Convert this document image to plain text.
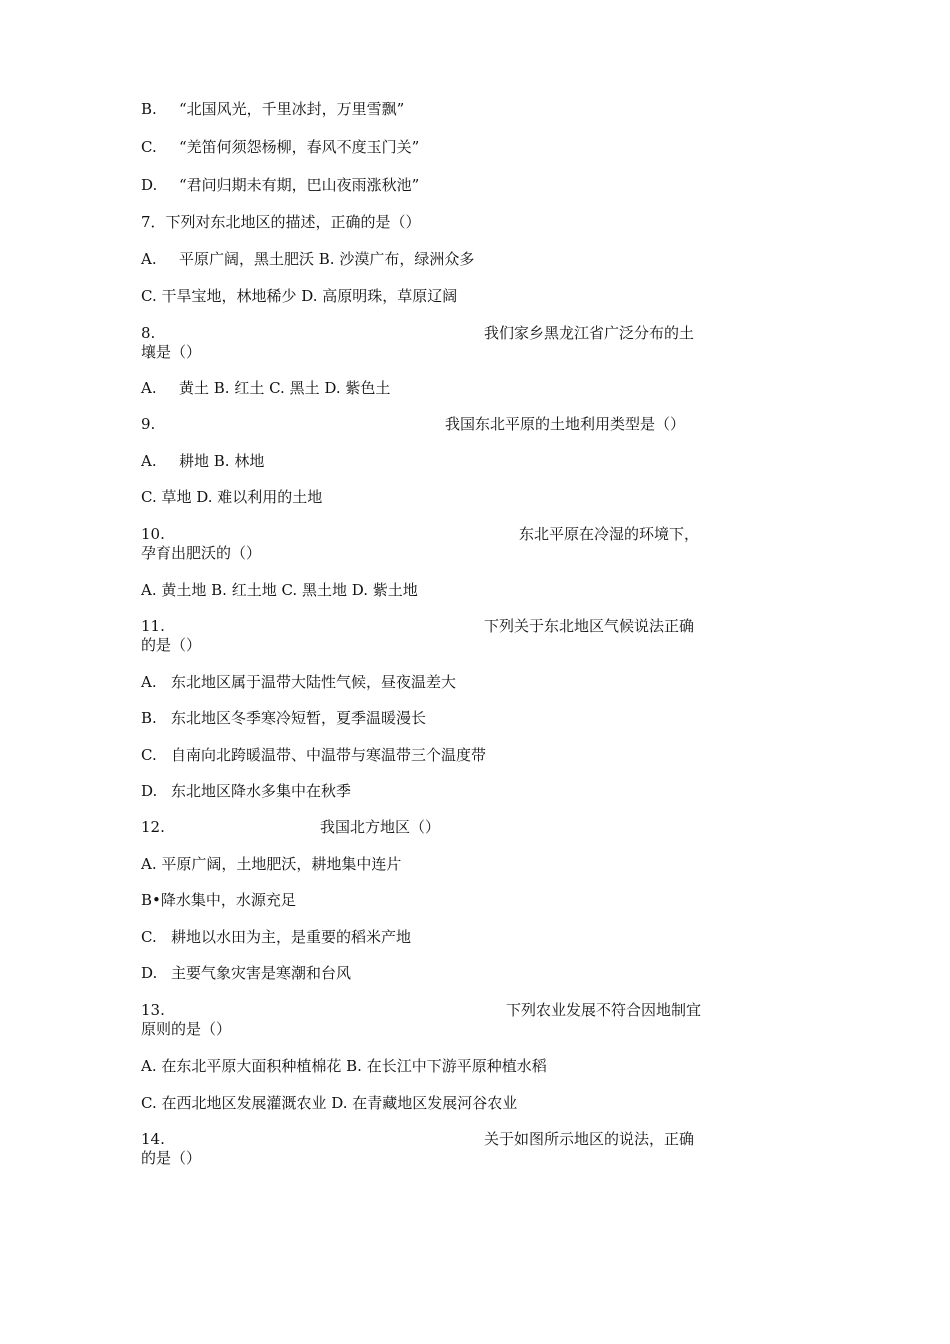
B. “北国风光，千里冰封，万里雪飘”
C. “羌笛何须怨杨柳，春风不度玉门关”
D. “君问归期未有期，巴山夜雨涨秋池”
7．下列对东北地区的描述，正确的是（）
A. 平原广阔，黑土肥沃 B. 沙漠广布，绿洲众多
C. 干旱宝地，林地稀少 D. 高原明珠，草原辽阔
8.	我们家乡黑龙江省广泛分布的土
壤是（）
A. 黄土 B. 红土 C. 黑土 D. 紫色土
9.	我国东北平原的土地利用类型是（）
A. 耕地 B. 林地
C. 草地 D. 难以利用的土地
10.	东北平原在冷湿的环境下，
孕育出肥沃的（）
A. 黄土地 B. 红土地 C. 黑土地 D. 紫土地
11.	下列关于东北地区气候说法正确
的是（）
A. 东北地区属于温带大陆性气候，昼夜温差大
B. 东北地区冬季寒冷短暂，夏季温暖漫长
C. 自南向北跨暖温带、中温带与寒温带三个温度带
D. 东北地区降水多集中在秋季
12.	我国北方地区（）
A. 平原广阔，土地肥沃，耕地集中连片
B•降水集中，水源充足
C. 耕地以水田为主，是重要的稻米产地
D. 主要气象灾害是寒潮和台风
13.	下列农业发展不符合因地制宜
原则的是（）
A. 在东北平原大面积种植棉花 B. 在长江中下游平原种植水稻
C. 在西北地区发展灌溉农业 D. 在青藏地区发展河谷农业
14.	关于如图所示地区的说法，正确
的是（）
